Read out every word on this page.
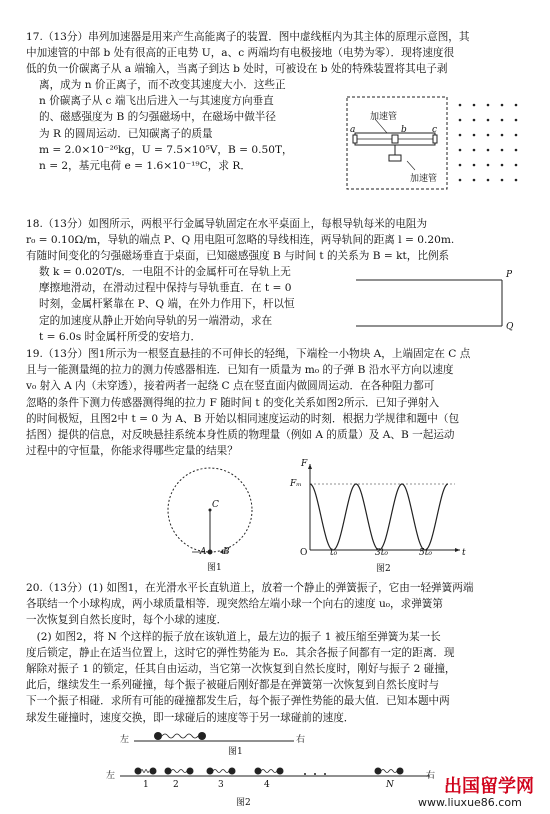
17.（13分）串列加速器是用来产生高能离子的装置．图中虚线框内为其主体的原理示意图，其
中加速管的中部 b 处有很高的正电势 U，a、c 两端均有电极接地（电势为零）．现将速度很
低的负一价碳离子从 a 端输入，当离子到达 b 处时，可被设在 b 处的特殊装置将其电子剥
离，成为 n 价正离子，而不改变其速度大小．这些正
n 价碳离子从 c 端飞出后进入一与其速度方向垂直
的、磁感强度为 B 的匀强磁场中，在磁场中做半径
为 R 的圆周运动．已知碳离子的质量
m = 2.0×10⁻²⁶kg，U = 7.5×10⁵V，B = 0.50T，
n = 2，基元电荷 e = 1.6×10⁻¹⁹C，求 R．
加速管
加速管
a	b	c
18.（13分）如图所示，两根平行金属导轨固定在水平桌面上，每根导轨每米的电阻为
r₀ = 0.10Ω/m，导轨的端点 P、Q 用电阻可忽略的导线相连，两导轨间的距离 l = 0.20m.
有随时间变化的匀强磁场垂直于桌面，已知磁感强度 B 与时间 t 的关系为 B = kt，比例系
数 k = 0.020T/s．一电阻不计的金属杆可在导轨上无
摩擦地滑动，在滑动过程中保持与导轨垂直．在 t = 0
时刻，金属杆紧靠在 P、Q 端，在外力作用下，杆以恒
定的加速度从静止开始向导轨的另一端滑动，求在
t = 6.0s 时金属杆所受的安培力．
P
Q
19.（13分）图1所示为一根竖直悬挂的不可伸长的轻绳，下端栓一小物块 A，上端固定在 C 点
且与一能测量绳的拉力的测力传感器相连．已知有一质量为 m₀ 的子弹 B 沿水平方向以速度
v₀ 射入 A 内（未穿透），接着两者一起绕 C 点在竖直面内做圆周运动．在各种阻力都可
忽略的条件下测力传感器测得绳的拉力 F 随时间 t 的变化关系如图2所示．已知子弹射入
的时间极短，且图2中 t = 0 为 A、B 开始以相同速度运动的时刻．根据力学规律和题中（包
括图）提供的信息，对反映悬挂系统本身性质的物理量（例如 A 的质量）及 A、B 一起运动
过程中的守恒量，你能求得哪些定量的结果？
C
A B
图1
F
Fₘ
O	t₀	3t₀	5t₀	t
图2
20.（13分）(1) 如图1，在光滑水平长直轨道上，放着一个静止的弹簧振子，它由一轻弹簧两端
各联结一个小球构成，两小球质量相等．现突然给左端小球一个向右的速度 u₀，求弹簧第
一次恢复到自然长度时，每个小球的速度．
　(2) 如图2，将 N 个这样的振子放在该轨道上，最左边的振子 1 被压缩至弹簧为某一长
度后锁定，静止在适当位置上，这时它的弹性势能为 E₀．其余各振子间都有一定的距离．现
解除对振子 1 的锁定，任其自由运动，当它第一次恢复到自然长度时，刚好与振子 2 碰撞，
此后，继续发生一系列碰撞，每个振子被碰后刚好都是在弹簧第一次恢复到自然长度时与
下一个振子相碰．求所有可能的碰撞都发生后，每个振子弹性势能的最大值．已知本题中两
球发生碰撞时，速度交换，即一球碰后的速度等于另一球碰前的速度．
左	右
图1
左	右
1	2	3	4	N
图2
出国留学网
www.liuxue86.com
